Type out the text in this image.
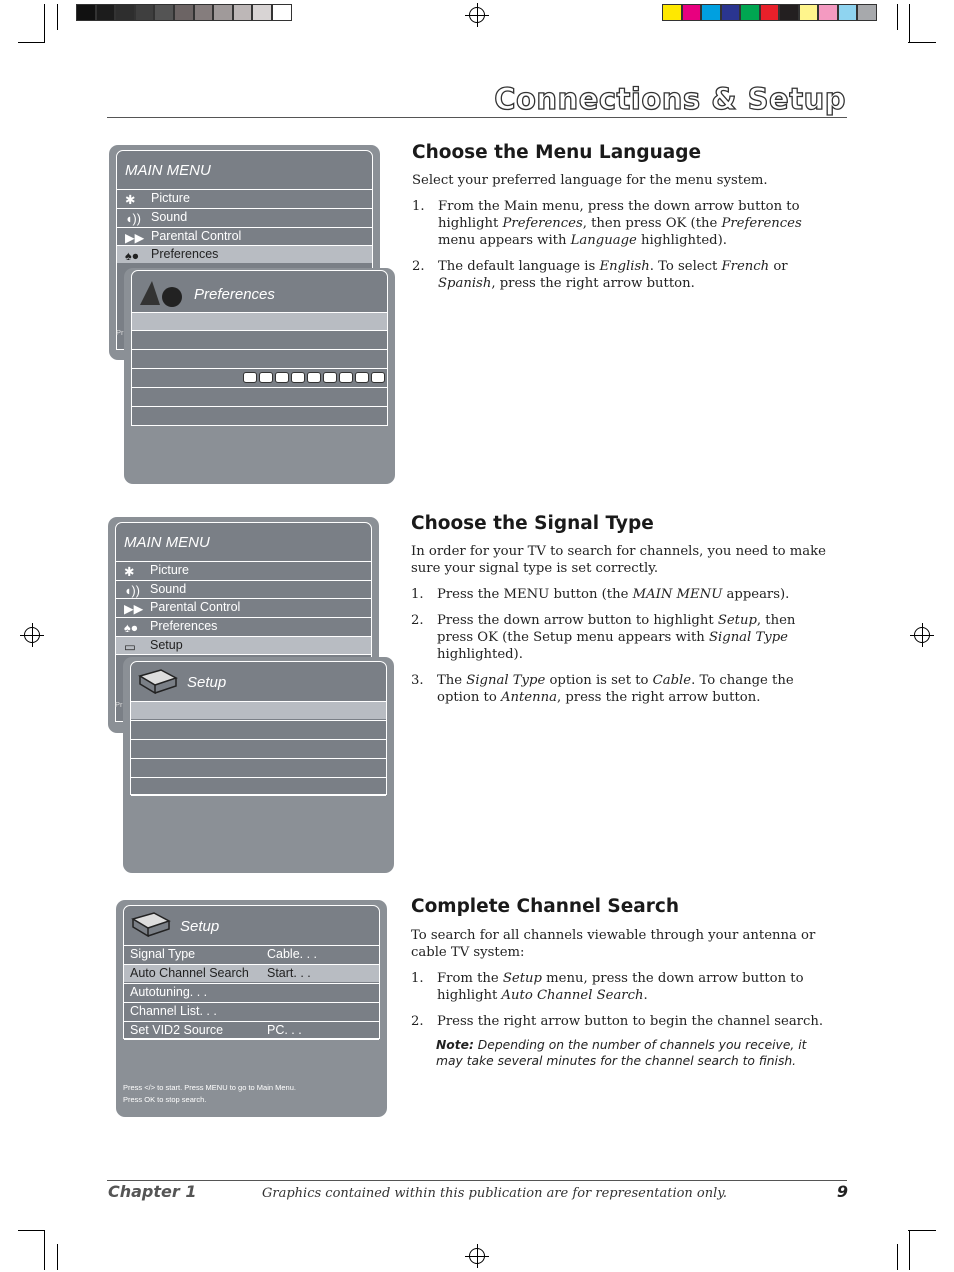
Connections & Setup
Choose the Menu Language
Select your preferred language for the menu system.
1. From the Main menu, press the down arrow button to highlight Preferences, then press OK (the Preferences menu appears with Language highlighted).
2. The default language is English. To select French or Spanish, press the right arrow button.
MAIN MENU
✱ Picture
◖)) Sound
▶▶ Parental Control
♠● Preferences
Pr
Preferences
Choose the Signal Type
In order for your TV to search for channels, you need to make sure your signal type is set correctly.
1. Press the MENU button (the MAIN MENU appears).
2. Press the down arrow button to highlight Setup, then press OK (the Setup menu appears with Signal Type highlighted).
3. The Signal Type option is set to Cable. To change the option to Antenna, press the right arrow button.
MAIN MENU
✱ Picture
◖)) Sound
▶▶ Parental Control
♠● Preferences
▭ Setup
Pr
Setup
Complete Channel Search
To search for all channels viewable through your antenna or cable TV system:
1. From the Setup menu, press the down arrow button to highlight Auto Channel Search.
2. Press the right arrow button to begin the channel search.
Note: Depending on the number of channels you receive, it may take several minutes for the channel search to finish.
Setup
Signal Type	Cable. . .
Auto Channel Search Start. . .
Autotuning. . .
Channel List. . .
Set VID2 Source	PC. . .
Press </> to start. Press MENU to go to Main Menu.
Press OK to stop search.
Chapter 1	Graphics contained within this publication are for representation only.	9
